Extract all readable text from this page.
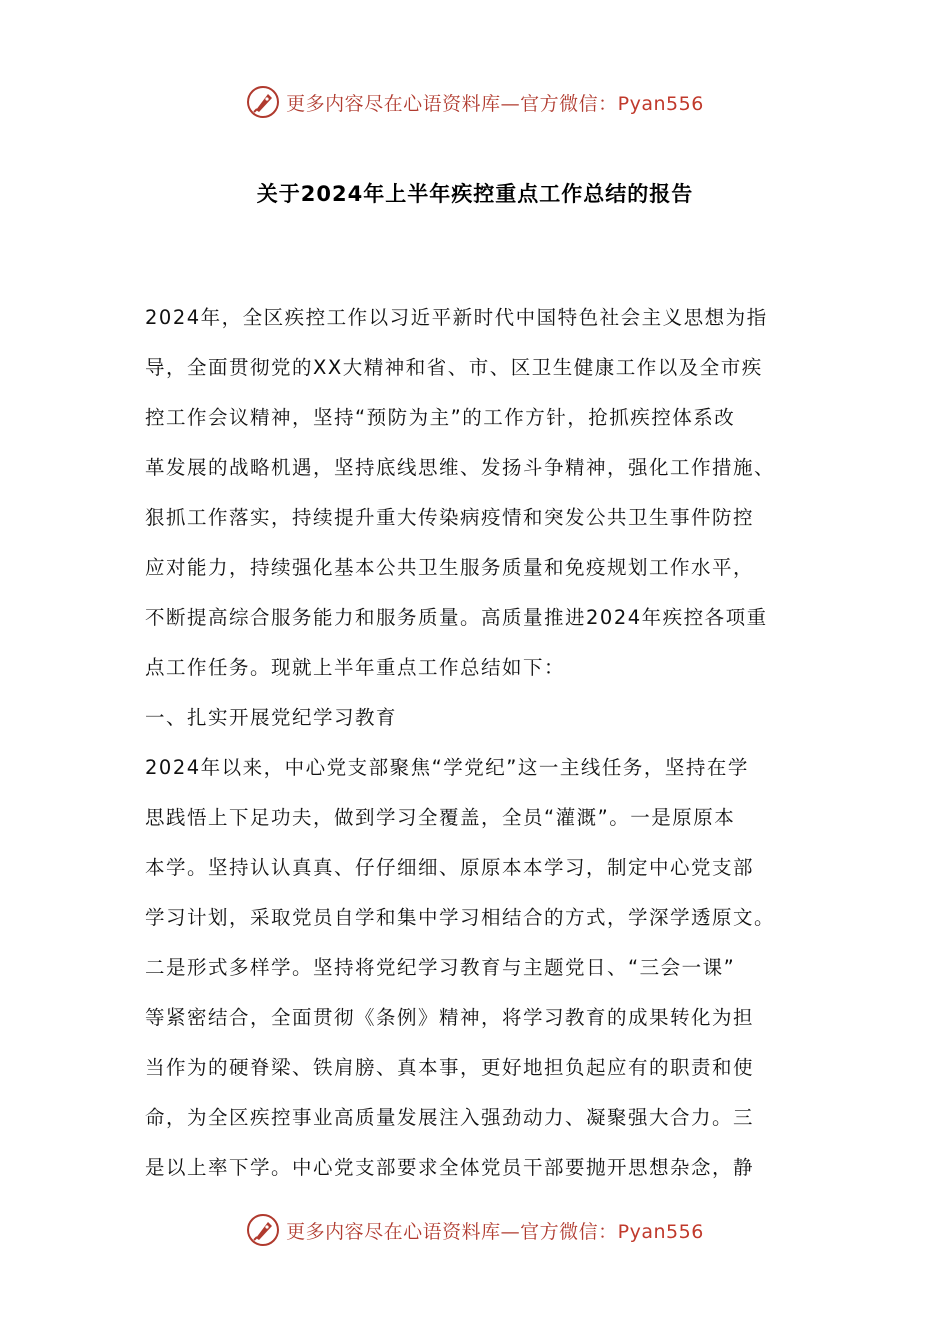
更多内容尽在心语资料库—官方微信：Pyan556
关于2024年上半年疾控重点工作总结的报告
2024年，全区疾控工作以习近平新时代中国特色社会主义思想为指
导，全面贯彻党的XX大精神和省、市、区卫生健康工作以及全市疾
控工作会议精神，坚持“预防为主”的工作方针，抢抓疾控体系改
革发展的战略机遇，坚持底线思维、发扬斗争精神，强化工作措施、
狠抓工作落实，持续提升重大传染病疫情和突发公共卫生事件防控
应对能力，持续强化基本公共卫生服务质量和免疫规划工作水平，
不断提高综合服务能力和服务质量。高质量推进2024年疾控各项重
点工作任务。现就上半年重点工作总结如下：
一、扎实开展党纪学习教育
2024年以来，中心党支部聚焦“学党纪”这一主线任务，坚持在学
思践悟上下足功夫，做到学习全覆盖，全员“灌溉”。一是原原本
本学。坚持认认真真、仔仔细细、原原本本学习，制定中心党支部
学习计划，采取党员自学和集中学习相结合的方式，学深学透原文。
二是形式多样学。坚持将党纪学习教育与主题党日、“三会一课”
等紧密结合，全面贯彻《条例》精神，将学习教育的成果转化为担
当作为的硬脊梁、铁肩膀、真本事，更好地担负起应有的职责和使
命，为全区疾控事业高质量发展注入强劲动力、凝聚强大合力。三
是以上率下学。中心党支部要求全体党员干部要抛开思想杂念，静
更多内容尽在心语资料库—官方微信：Pyan556
